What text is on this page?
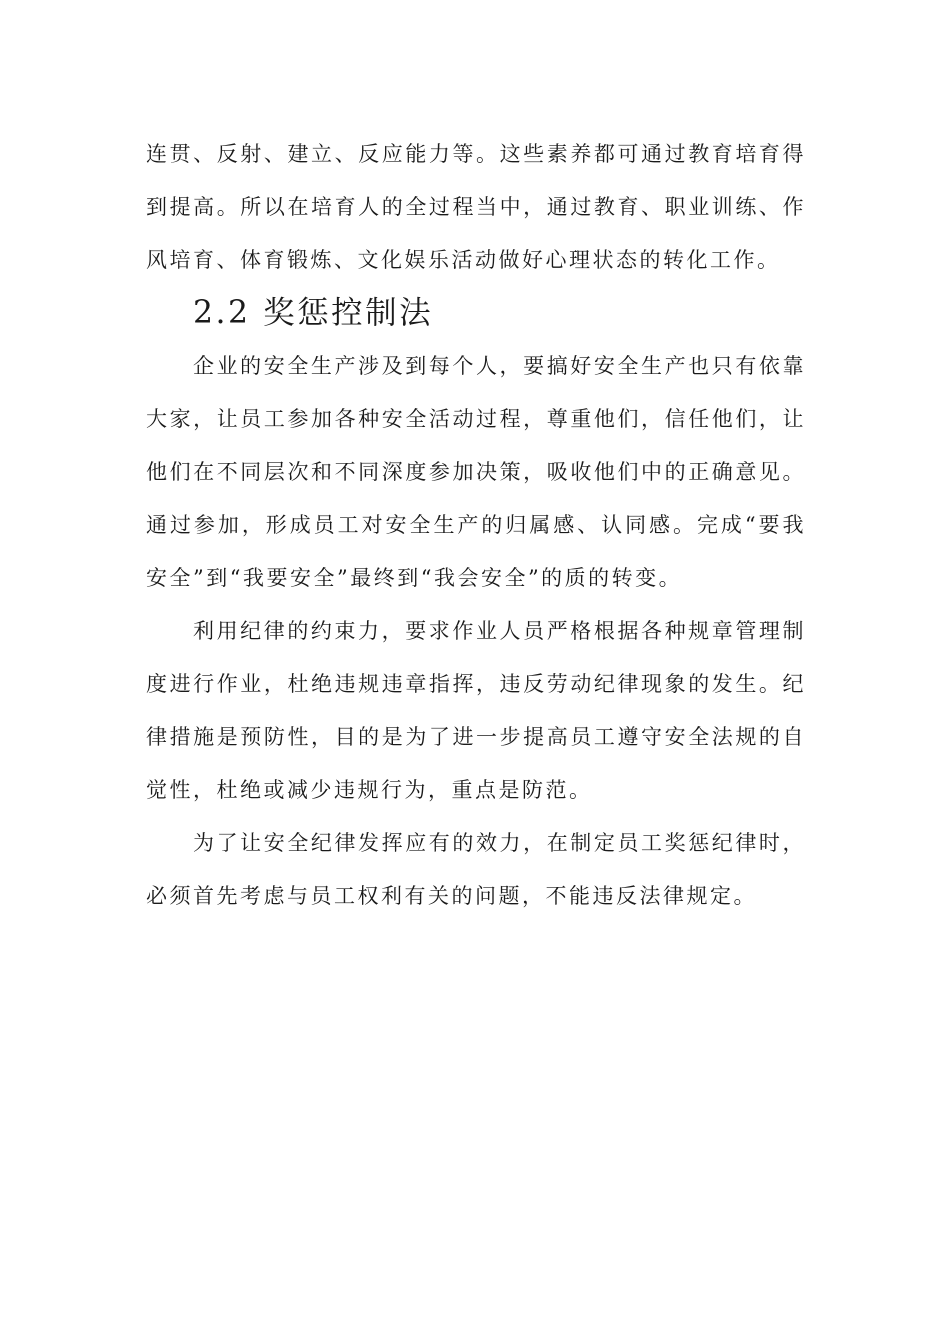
连贯、反射、建立、反应能力等。这些素养都可通过教育培育得到提高。所以在培育人的全过程当中，通过教育、职业训练、作风培育、体育锻炼、文化娱乐活动做好心理状态的转化工作。

2.2 奖惩控制法

企业的安全生产涉及到每个人，要搞好安全生产也只有依靠大家，让员工参加各种安全活动过程，尊重他们，信任他们，让他们在不同层次和不同深度参加决策，吸收他们中的正确意见。通过参加，形成员工对安全生产的归属感、认同感。完成“要我安全”到“我要安全”最终到“我会安全”的质的转变。

利用纪律的约束力，要求作业人员严格根据各种规章管理制度进行作业，杜绝违规违章指挥，违反劳动纪律现象的发生。纪律措施是预防性，目的是为了进一步提高员工遵守安全法规的自觉性，杜绝或减少违规行为，重点是防范。

为了让安全纪律发挥应有的效力，在制定员工奖惩纪律时，必须首先考虑与员工权利有关的问题，不能违反法律规定。
